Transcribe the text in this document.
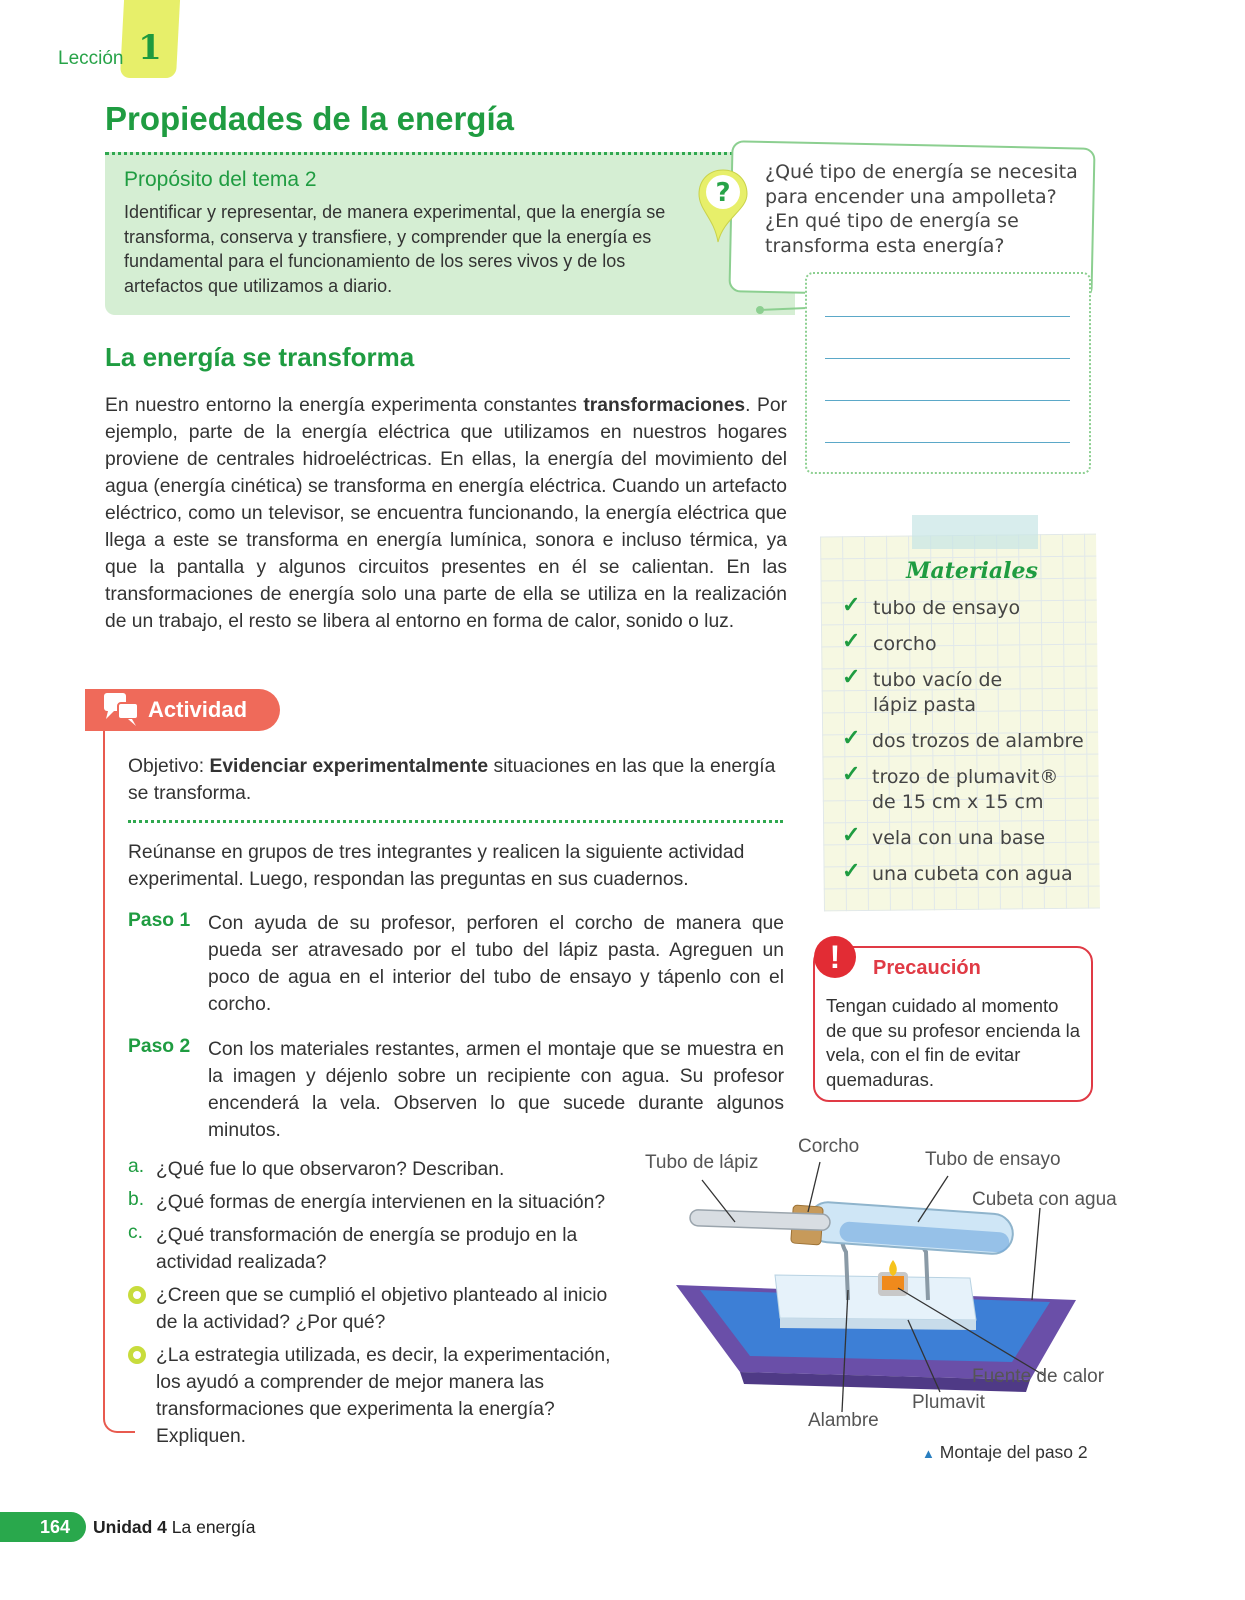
Lección 1
Propiedades de la energía
Propósito del tema 2
Identificar y representar, de manera experimental, que la energía se transforma, conserva y transfiere, y comprender que la energía es fundamental para el funcionamiento de los seres vivos y de los artefactos que utilizamos a diario.
?
¿Qué tipo de energía se necesita para encender una ampolleta? ¿En qué tipo de energía se transforma esta energía?
La energía se transforma
En nuestro entorno la energía experimenta constantes transformaciones. Por ejemplo, parte de la energía eléctrica que utilizamos en nuestros hogares proviene de centrales hidroeléctricas. En ellas, la energía del movimiento del agua (energía cinética) se transforma en energía eléctrica. Cuando un artefacto eléctrico, como un televisor, se encuentra funcionando, la energía eléctrica que llega a este se transforma en energía lumínica, sonora e incluso térmica, ya que la pantalla y algunos circuitos presentes en él se calientan. En las transformaciones de energía solo una parte de ella se utiliza en la realización de un trabajo, el resto se libera al entorno en forma de calor, sonido o luz.
Actividad
Objetivo: Evidenciar experimentalmente situaciones en las que la energía se transforma.
Reúnanse en grupos de tres integrantes y realicen la siguiente actividad experimental. Luego, respondan las preguntas en sus cuadernos.
Paso 1 Con ayuda de su profesor, perforen el corcho de manera que pueda ser atravesado por el tubo del lápiz pasta. Agreguen un poco de agua en el interior del tubo de ensayo y tápenlo con el corcho.
Paso 2 Con los materiales restantes, armen el montaje que se muestra en la imagen y déjenlo sobre un recipiente con agua. Su profesor encenderá la vela. Observen lo que sucede durante algunos minutos.
a. ¿Qué fue lo que observaron? Describan.
b. ¿Qué formas de energía intervienen en la situación?
c. ¿Qué transformación de energía se produjo en la actividad realizada?
¿Creen que se cumplió el objetivo planteado al inicio de la actividad? ¿Por qué?
¿La estrategia utilizada, es decir, la experimentación, los ayudó a comprender de mejor manera las transformaciones que experimenta la energía? Expliquen.
Materiales
✓ tubo de ensayo
✓ corcho
✓ tubo vacío de lápiz pasta
✓ dos trozos de alambre
✓ trozo de plumavit® de 15 cm x 15 cm
✓ vela con una base
✓ una cubeta con agua
!	Precaución
Tengan cuidado al momento de que su profesor encienda la vela, con el fin de evitar quemaduras.
Tubo de lápiz
Corcho
Tubo de ensayo
Cubeta con agua
Fuente de calor
Plumavit
Alambre
▲ Montaje del paso 2
164 Unidad 4 La energía
